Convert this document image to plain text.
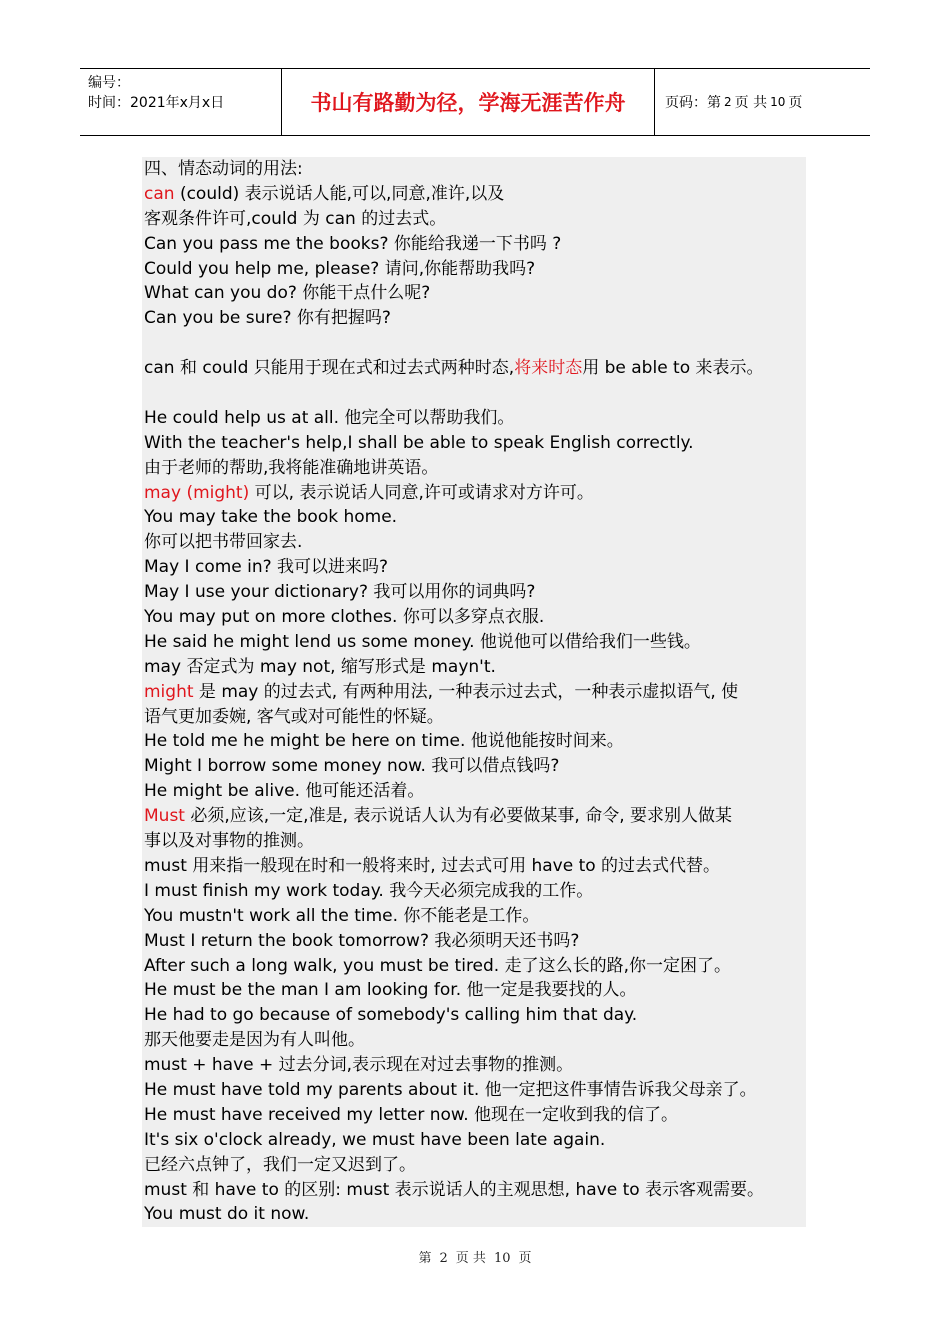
编号：
时间：2021年x月x日	书山有路勤为径，学海无涯苦作舟	页码：第 2 页 共 10 页
四、情态动词的用法:
can (could) 表示说话人能,可以,同意,准许,以及
客观条件许可,could 为 can 的过去式。
Can you pass me the books? 你能给我递一下书吗 ?
Could you help me, please? 请问,你能帮助我吗?
What can you do? 你能干点什么呢?
Can you be sure? 你有把握吗?
can 和 could 只能用于现在式和过去式两种时态,将来时态用 be able to 来表示。
He could help us at all. 他完全可以帮助我们。
With the teacher's help,I shall be able to speak English correctly.
由于老师的帮助,我将能准确地讲英语。
may (might) 可以, 表示说话人同意,许可或请求对方许可。
You may take the book home.
你可以把书带回家去.
May I come in? 我可以进来吗?
May I use your dictionary? 我可以用你的词典吗?
You may put on more clothes. 你可以多穿点衣服.
He said he might lend us some money. 他说他可以借给我们一些钱。
may 否定式为 may not, 缩写形式是 mayn't.
might 是 may 的过去式, 有两种用法, 一种表示过去式，一种表示虚拟语气, 使
语气更加委婉, 客气或对可能性的怀疑。
He told me he might be here on time. 他说他能按时间来。
Might I borrow some money now. 我可以借点钱吗?
He might be alive. 他可能还活着。
Must 必须,应该,一定,准是, 表示说话人认为有必要做某事, 命令, 要求别人做某
事以及对事物的推测。
must 用来指一般现在时和一般将来时, 过去式可用 have to 的过去式代替。
I must finish my work today. 我今天必须完成我的工作。
You mustn't work all the time. 你不能老是工作。
Must I return the book tomorrow? 我必须明天还书吗?
After such a long walk, you must be tired. 走了这么长的路,你一定困了。
He must be the man I am looking for. 他一定是我要找的人。
He had to go because of somebody's calling him that day.
那天他要走是因为有人叫他。
must + have + 过去分词,表示现在对过去事物的推测。
He must have told my parents about it. 他一定把这件事情告诉我父母亲了。
He must have received my letter now. 他现在一定收到我的信了。
It's six o'clock already, we must have been late again.
已经六点钟了，我们一定又迟到了。
must 和 have to 的区别: must 表示说话人的主观思想, have to 表示客观需要。
You must do it now.
第 2 页 共 10 页
